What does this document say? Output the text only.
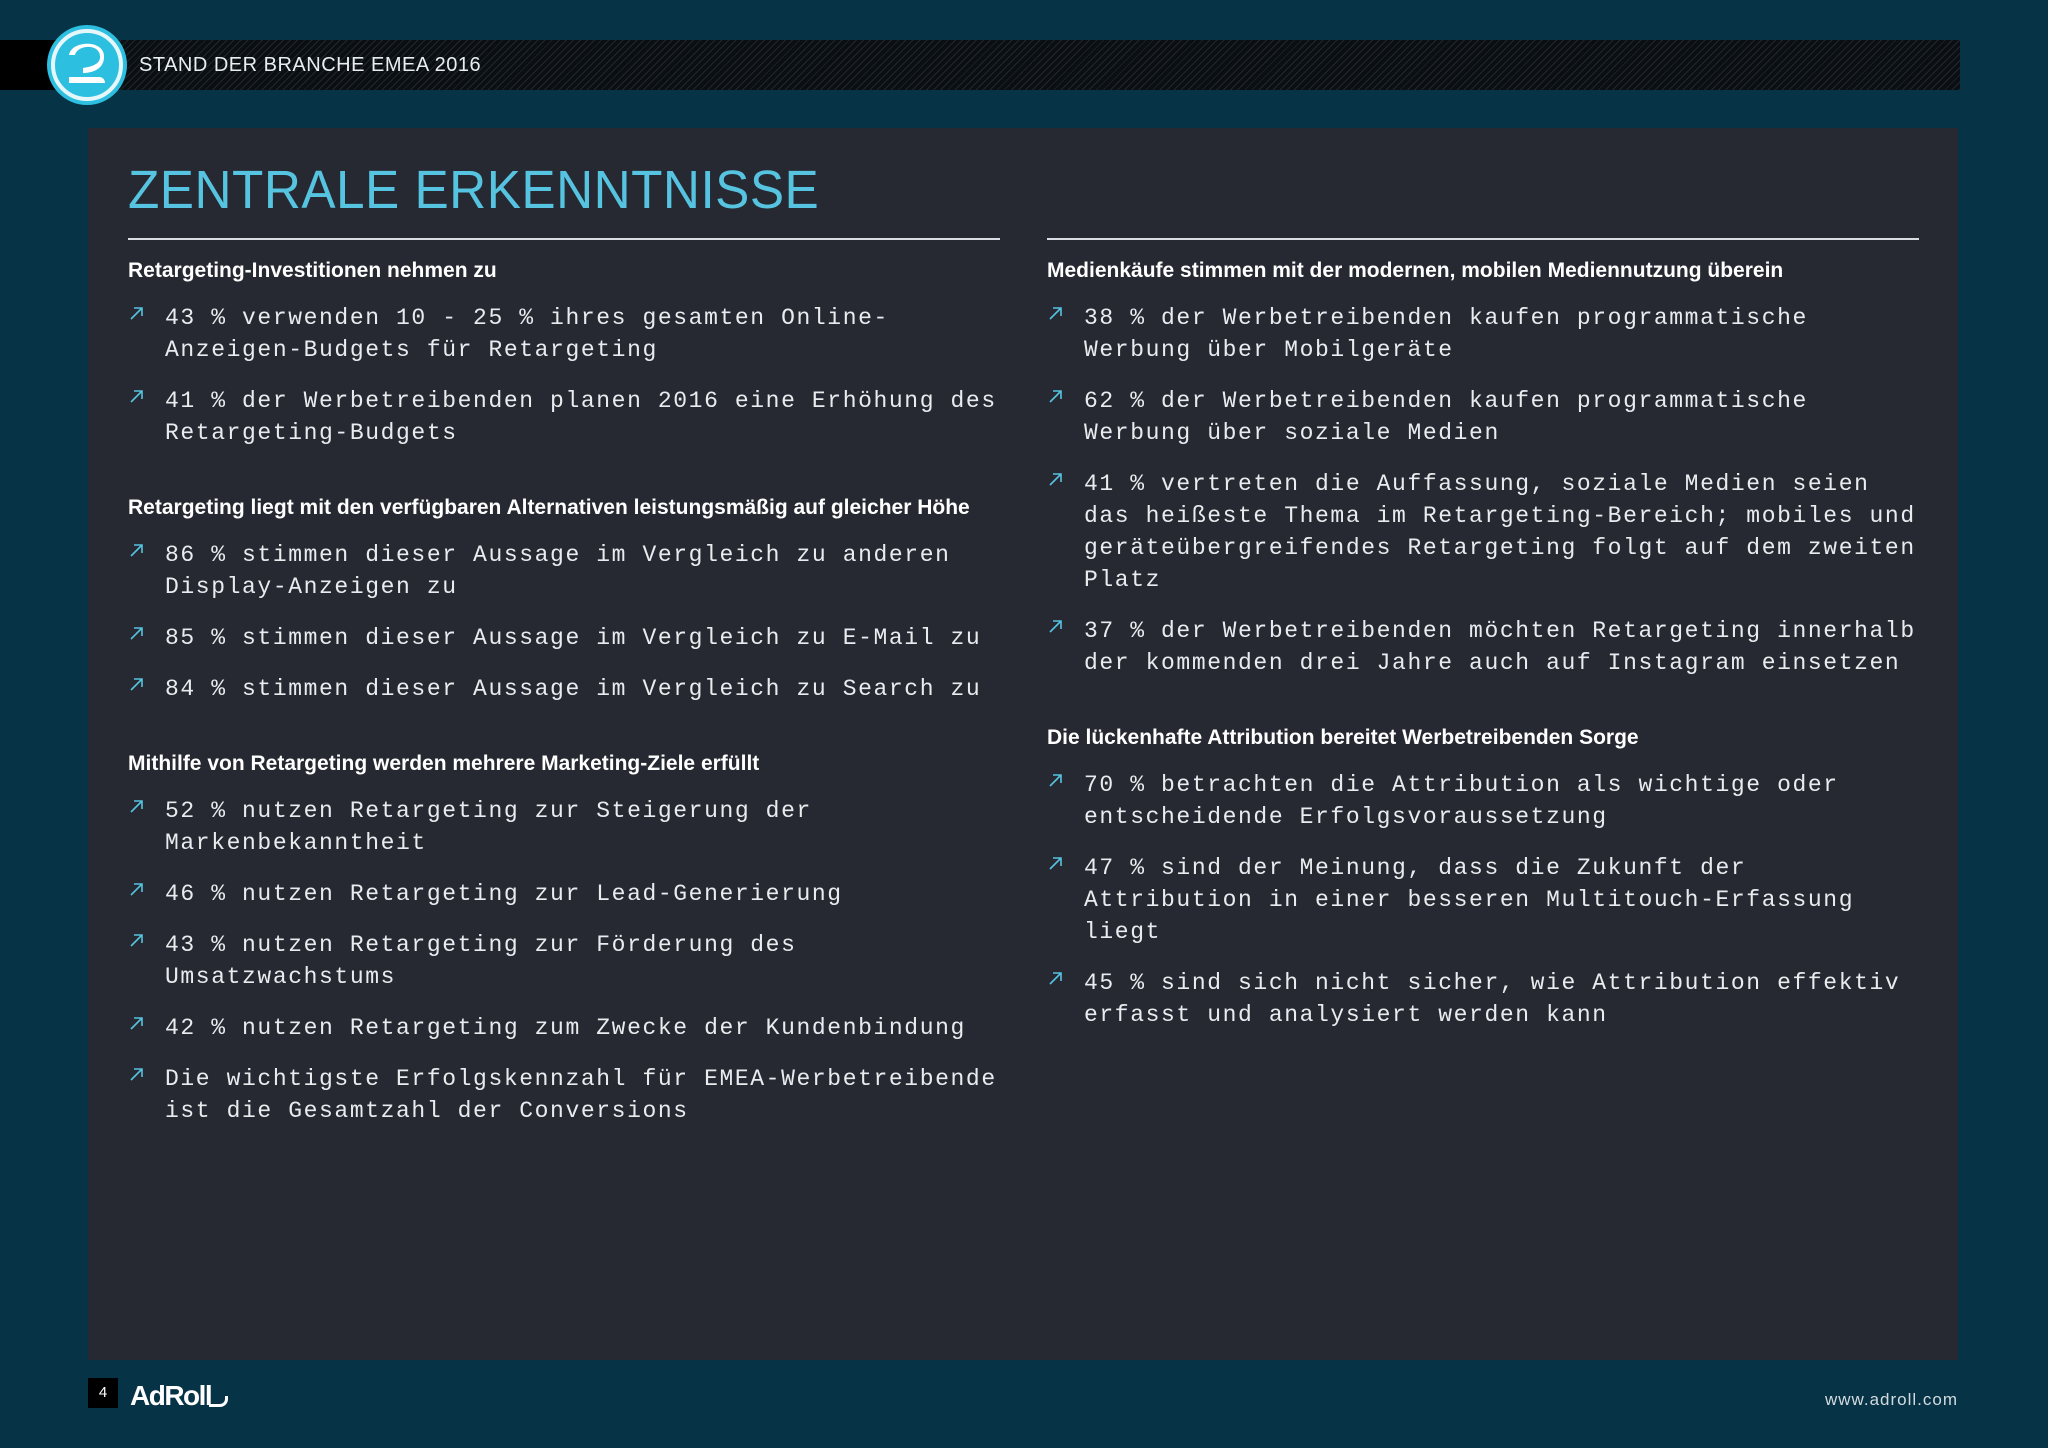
STAND DER BRANCHE EMEA 2016
ZENTRALE ERKENNTNISSE
Retargeting-Investitionen nehmen zu
43 % verwenden 10 - 25 % ihres gesamten Online-Anzeigen-Budgets für Retargeting
41 % der Werbetreibenden planen 2016 eine Erhöhung des Retargeting-Budgets
Retargeting liegt mit den verfügbaren Alternativen leistungsmäßig auf gleicher Höhe
86 % stimmen dieser Aussage im Vergleich zu anderen Display-Anzeigen zu
85 % stimmen dieser Aussage im Vergleich zu E-Mail zu
84 % stimmen dieser Aussage im Vergleich zu Search zu
Mithilfe von Retargeting werden mehrere Marketing-Ziele erfüllt
52 % nutzen Retargeting zur Steigerung der Markenbekanntheit
46 % nutzen Retargeting zur Lead-Generierung
43 % nutzen Retargeting zur Förderung des Umsatzwachstums
42 % nutzen Retargeting zum Zwecke der Kundenbindung
Die wichtigste Erfolgskennzahl für EMEA-Werbetreibende ist die Gesamtzahl der Conversions
Medienkäufe stimmen mit der modernen, mobilen Mediennutzung überein
38 % der Werbetreibenden kaufen programmatische Werbung über Mobilgeräte
62 % der Werbetreibenden kaufen programmatische Werbung über soziale Medien
41 % vertreten die Auffassung, soziale Medien seien das heißeste Thema im Retargeting-Bereich; mobiles und geräteübergreifendes Retargeting folgt auf dem zweiten Platz
37 % der Werbetreibenden möchten Retargeting innerhalb der kommenden drei Jahre auch auf Instagram einsetzen
Die lückenhafte Attribution bereitet Werbetreibenden Sorge
70 % betrachten die Attribution als wichtige oder entscheidende Erfolgsvoraussetzung
47 % sind der Meinung, dass die Zukunft der Attribution in einer besseren Multitouch-Erfassung liegt
45 % sind sich nicht sicher, wie Attribution effektiv erfasst und analysiert werden kann
4 AdRoll	www.adroll.com
